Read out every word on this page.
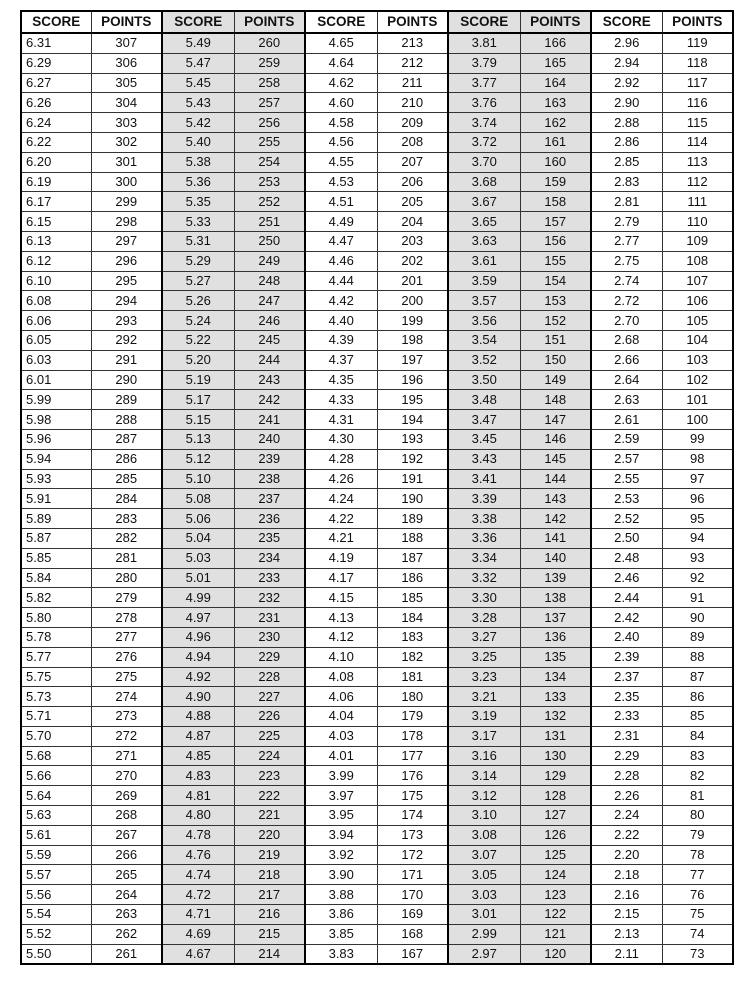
SCORE	POINTS	SCORE	POINTS	SCORE	POINTS	SCORE	POINTS	SCORE	POINTS
6.31	307	5.49	260	4.65	213	3.81	166	2.96	119
6.29	306	5.47	259	4.64	212	3.79	165	2.94	118
6.27	305	5.45	258	4.62	211	3.77	164	2.92	117
6.26	304	5.43	257	4.60	210	3.76	163	2.90	116
6.24	303	5.42	256	4.58	209	3.74	162	2.88	115
6.22	302	5.40	255	4.56	208	3.72	161	2.86	114
6.20	301	5.38	254	4.55	207	3.70	160	2.85	113
6.19	300	5.36	253	4.53	206	3.68	159	2.83	112
6.17	299	5.35	252	4.51	205	3.67	158	2.81	111
6.15	298	5.33	251	4.49	204	3.65	157	2.79	110
6.13	297	5.31	250	4.47	203	3.63	156	2.77	109
6.12	296	5.29	249	4.46	202	3.61	155	2.75	108
6.10	295	5.27	248	4.44	201	3.59	154	2.74	107
6.08	294	5.26	247	4.42	200	3.57	153	2.72	106
6.06	293	5.24	246	4.40	199	3.56	152	2.70	105
6.05	292	5.22	245	4.39	198	3.54	151	2.68	104
6.03	291	5.20	244	4.37	197	3.52	150	2.66	103
6.01	290	5.19	243	4.35	196	3.50	149	2.64	102
5.99	289	5.17	242	4.33	195	3.48	148	2.63	101
5.98	288	5.15	241	4.31	194	3.47	147	2.61	100
5.96	287	5.13	240	4.30	193	3.45	146	2.59	99
5.94	286	5.12	239	4.28	192	3.43	145	2.57	98
5.93	285	5.10	238	4.26	191	3.41	144	2.55	97
5.91	284	5.08	237	4.24	190	3.39	143	2.53	96
5.89	283	5.06	236	4.22	189	3.38	142	2.52	95
5.87	282	5.04	235	4.21	188	3.36	141	2.50	94
5.85	281	5.03	234	4.19	187	3.34	140	2.48	93
5.84	280	5.01	233	4.17	186	3.32	139	2.46	92
5.82	279	4.99	232	4.15	185	3.30	138	2.44	91
5.80	278	4.97	231	4.13	184	3.28	137	2.42	90
5.78	277	4.96	230	4.12	183	3.27	136	2.40	89
5.77	276	4.94	229	4.10	182	3.25	135	2.39	88
5.75	275	4.92	228	4.08	181	3.23	134	2.37	87
5.73	274	4.90	227	4.06	180	3.21	133	2.35	86
5.71	273	4.88	226	4.04	179	3.19	132	2.33	85
5.70	272	4.87	225	4.03	178	3.17	131	2.31	84
5.68	271	4.85	224	4.01	177	3.16	130	2.29	83
5.66	270	4.83	223	3.99	176	3.14	129	2.28	82
5.64	269	4.81	222	3.97	175	3.12	128	2.26	81
5.63	268	4.80	221	3.95	174	3.10	127	2.24	80
5.61	267	4.78	220	3.94	173	3.08	126	2.22	79
5.59	266	4.76	219	3.92	172	3.07	125	2.20	78
5.57	265	4.74	218	3.90	171	3.05	124	2.18	77
5.56	264	4.72	217	3.88	170	3.03	123	2.16	76
5.54	263	4.71	216	3.86	169	3.01	122	2.15	75
5.52	262	4.69	215	3.85	168	2.99	121	2.13	74
5.50	261	4.67	214	3.83	167	2.97	120	2.11	73
